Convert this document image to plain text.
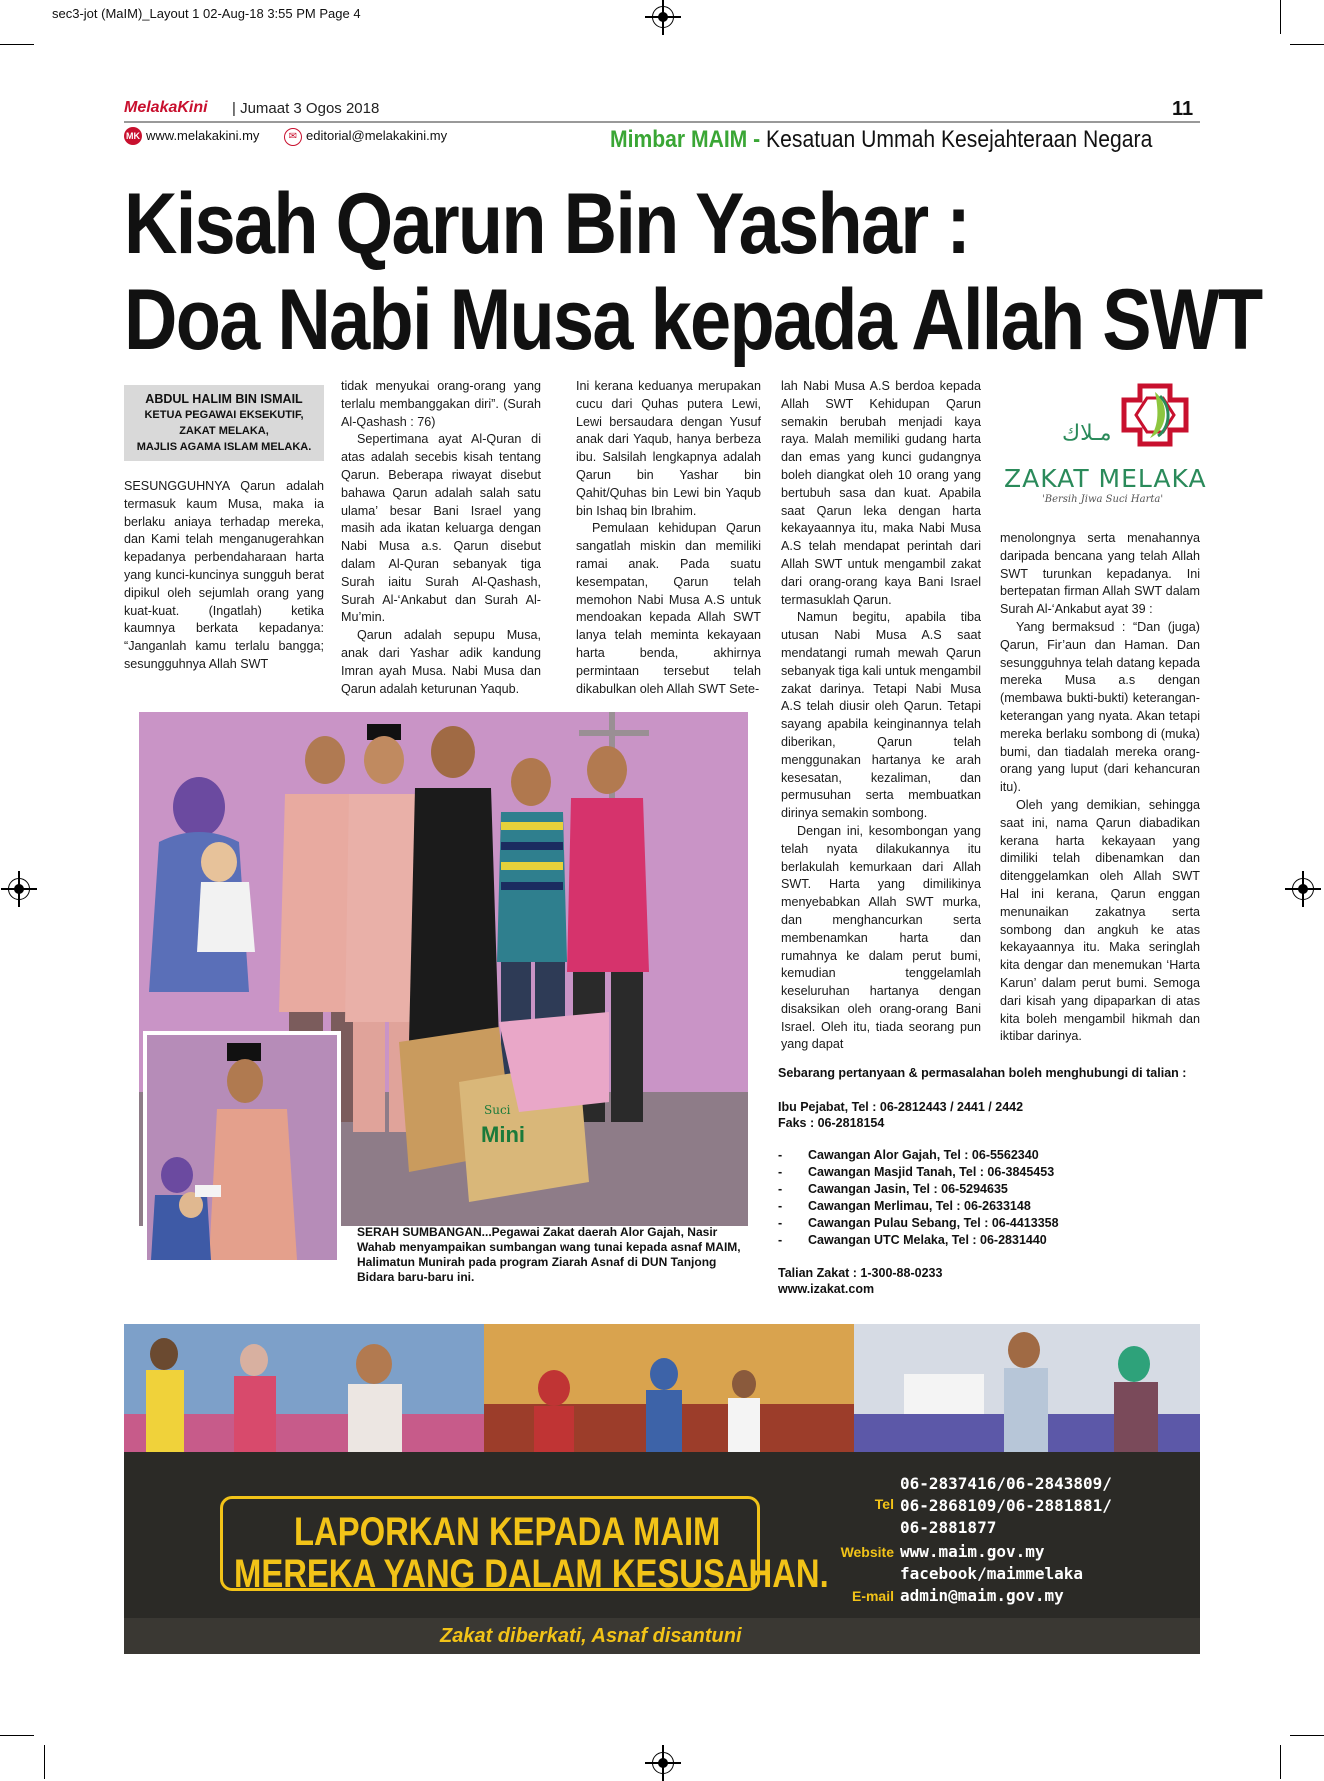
sec3-jot (MaIM)_Layout 1 02-Aug-18 3:55 PM Page 4
MelakaKini | Jumaat 3 Ogos 2018	11
MK www.melakakini.my	✉ editorial@melakakini.my	Mimbar MAIM - Kesatuan Ummah Kesejahteraan Negara
Kisah Qarun Bin Yashar :
Doa Nabi Musa kepada Allah SWT
ABDUL HALIM BIN ISMAIL
KETUA PEGAWAI EKSEKUTIF,
ZAKAT MELAKA,
MAJLIS AGAMA ISLAM MELAKA.

SESUNGGUHNYA Qarun adalah termasuk kaum Musa, maka ia berlaku aniaya terhadap mereka, dan Kami telah menganugerahkan kepadanya perbendaharaan harta yang kunci-kuncinya sungguh berat dipikul oleh sejumlah orang yang kuat-kuat. (Ingatlah) ketika kaumnya berkata kepadanya: “Janganlah kamu terlalu bangga; sesungguhnya Allah SWT

tidak menyukai orang-orang yang terlalu membanggakan diri”. (Surah Al-Qashash : 76)

Sepertimana ayat Al-Quran di atas adalah secebis kisah tentang Qarun. Beberapa riwayat disebut bahawa Qarun adalah salah satu ulama’ besar Bani Israel yang masih ada ikatan keluarga dengan Nabi Musa a.s. Qarun disebut dalam Al-Quran sebanyak tiga Surah iaitu Surah Al-Qashash, Surah Al-‘Ankabut dan Surah Al-Mu’min.

Qarun adalah sepupu Musa, anak dari Yashar adik kandung Imran ayah Musa. Nabi Musa dan Qarun adalah keturunan Yaqub.

Ini kerana keduanya merupakan cucu dari Quhas putera Lewi, Lewi bersaudara dengan Yusuf anak dari Yaqub, hanya berbeza ibu. Salsilah lengkapnya adalah Qarun bin Yashar bin Qahit/Quhas bin Lewi bin Yaqub bin Ishaq bin Ibrahim.

Pemulaan kehidupan Qarun sangatlah miskin dan memiliki ramai anak. Pada suatu kesempatan, Qarun telah memohon Nabi Musa A.S untuk mendoakan kepada Allah SWT lanya telah meminta kekayaan harta benda, akhirnya permintaan tersebut telah dikabulkan oleh Allah SWT Sete-

lah Nabi Musa A.S berdoa kepada Allah SWT Kehidupan Qarun semakin berubah menjadi kaya raya. Malah memiliki gudang harta dan emas yang kunci gudangnya boleh diangkat oleh 10 orang yang bertubuh sasa dan kuat. Apabila saat Qarun leka dengan harta kekayaannya itu, maka Nabi Musa A.S telah mendapat perintah dari Allah SWT untuk mengambil zakat dari orang-orang kaya Bani Israel termasuklah Qarun.

Namun begitu, apabila tiba utusan Nabi Musa A.S saat mendatangi rumah mewah Qarun sebanyak tiga kali untuk mengambil zakat darinya. Tetapi Nabi Musa A.S telah diusir oleh Qarun. Tetapi sayang apabila keinginannya telah diberikan, Qarun telah menggunakan hartanya ke arah kesesatan, kezaliman, dan permusuhan serta membuatkan dirinya semakin sombong.

Dengan ini, kesombongan yang telah nyata dilakukannya itu berlakulah kemurkaan dari Allah SWT. Harta yang dimilikinya menyebabkan Allah SWT murka, dan menghancurkan serta membenamkan harta dan rumahnya ke dalam perut bumi, kemudian tenggelamlah keseluruhan hartanya dengan disaksikan oleh orang-orang Bani Israel. Oleh itu, tiada seorang pun yang dapat

menolongnya serta menahannya daripada bencana yang telah Allah SWT turunkan kepadanya. Ini bertepatan firman Allah SWT dalam Surah Al-‘Ankabut ayat 39 :

Yang bermaksud : “Dan (juga) Qarun, Fir’aun dan Haman. Dan sesungguhnya telah datang kepada mereka Musa a.s dengan (membawa bukti-bukti) keterangan-keterangan yang nyata. Akan tetapi mereka berlaku sombong di (muka) bumi, dan tiadalah mereka orang-orang yang luput (dari kehancuran itu).

Oleh yang demikian, sehingga saat ini, nama Qarun diabadikan kerana harta kekayaan yang dimiliki telah dibenamkan dan ditenggelamkan oleh Allah SWT Hal ini kerana, Qarun enggan menunaikan zakatnya serta sombong dan angkuh ke atas kekayaannya itu. Maka seringlah kita dengar dan menemukan ‘Harta Karun’ dalam perut bumi. Semoga dari kisah yang dipaparkan di atas kita boleh mengambil hikmah dan iktibar darinya.

مـلاك
ZAKAT MELAKA
'Bersih Jiwa Suci Harta'
Mini
Suci
SERAH SUMBANGAN...Pegawai Zakat daerah Alor Gajah, Nasir Wahab menyampaikan sumbangan wang tunai kepada asnaf MAIM, Halimatun Munirah pada program Ziarah Asnaf di DUN Tanjong Bidara baru-baru ini.
Sebarang pertanyaan & permasalahan boleh menghubungi di talian :
Ibu Pejabat, Tel : 06-2812443 / 2441 / 2442
Faks : 06-2818154
- Cawangan Alor Gajah, Tel : 06-5562340
- Cawangan Masjid Tanah, Tel : 06-3845453
- Cawangan Jasin, Tel : 06-5294635
- Cawangan Merlimau, Tel : 06-2633148
- Cawangan Pulau Sebang, Tel : 06-4413358
- Cawangan UTC Melaka, Tel : 06-2831440
Talian Zakat : 1-300-88-0233
www.izakat.com
LAPORKAN KEPADA MAIM
MEREKA YANG DALAM KESUSAHAN.
Tel
06-2837416/06-2843809/
06-2868109/06-2881881/
06-2881877
Website www.maim.gov.my
facebook/maimmelaka
E-mail admin@maim.gov.my
Zakat diberkati, Asnaf disantuni
